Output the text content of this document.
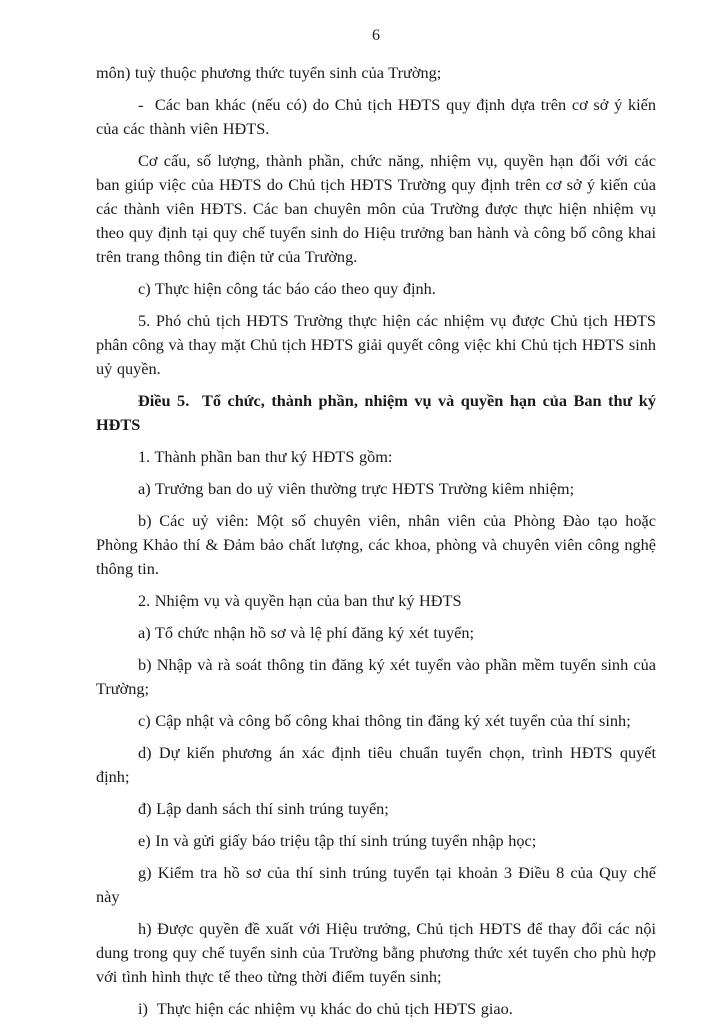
6

môn) tuỳ thuộc phương thức tuyển sinh của Trường;

-  Các ban khác (nếu có) do Chủ tịch HĐTS quy định dựa trên cơ sở ý kiến của các thành viên HĐTS.

Cơ cấu, số lượng, thành phần, chức năng, nhiệm vụ, quyền hạn đối với các ban giúp việc của HĐTS do Chủ tịch HĐTS Trường quy định trên cơ sở ý kiến của các thành viên HĐTS. Các ban chuyên môn của Trường được thực hiện nhiệm vụ theo quy định tại quy chế tuyển sinh do Hiệu trưởng ban hành và công bố công khai trên trang thông tin điện tử của Trường.

c) Thực hiện công tác báo cáo theo quy định.

5. Phó chủ tịch HĐTS Trường thực hiện các nhiệm vụ được Chủ tịch HĐTS phân công và thay mặt Chủ tịch HĐTS giải quyết công việc khi Chủ tịch HĐTS sinh uỷ quyền.

Điều 5.  Tổ chức, thành phần, nhiệm vụ và quyền hạn của Ban thư ký HĐTS

1. Thành phần ban thư ký HĐTS gồm:

a) Trưởng ban do uỷ viên thường trực HĐTS Trường kiêm nhiệm;

b) Các uỷ viên: Một số chuyên viên, nhân viên của Phòng Đào tạo hoặc Phòng Khảo thí & Đảm bảo chất lượng, các khoa, phòng và chuyên viên công nghệ thông tin.

2. Nhiệm vụ và quyền hạn của ban thư ký HĐTS

a) Tổ chức nhận hồ sơ và lệ phí đăng ký xét tuyển;

b) Nhập và rà soát thông tin đăng ký xét tuyển vào phần mềm tuyển sinh của Trường;

c) Cập nhật và công bố công khai thông tin đăng ký xét tuyển của thí sinh;

d) Dự kiến phương án xác định tiêu chuẩn tuyển chọn, trình HĐTS quyết định;

đ) Lập danh sách thí sinh trúng tuyển;

e) In và gửi giấy báo triệu tập thí sinh trúng tuyển nhập học;

g) Kiểm tra hồ sơ của thí sinh trúng tuyển tại khoản 3 Điều 8 của Quy chế này

h) Được quyền đề xuất với Hiệu trưởng, Chủ tịch HĐTS để thay đổi các nội dung trong quy chế tuyển sinh của Trường bằng phương thức xét tuyển cho phù hợp với tình hình thực tế theo từng thời điểm tuyển sinh;

i)  Thực hiện các nhiệm vụ khác do chủ tịch HĐTS giao.
